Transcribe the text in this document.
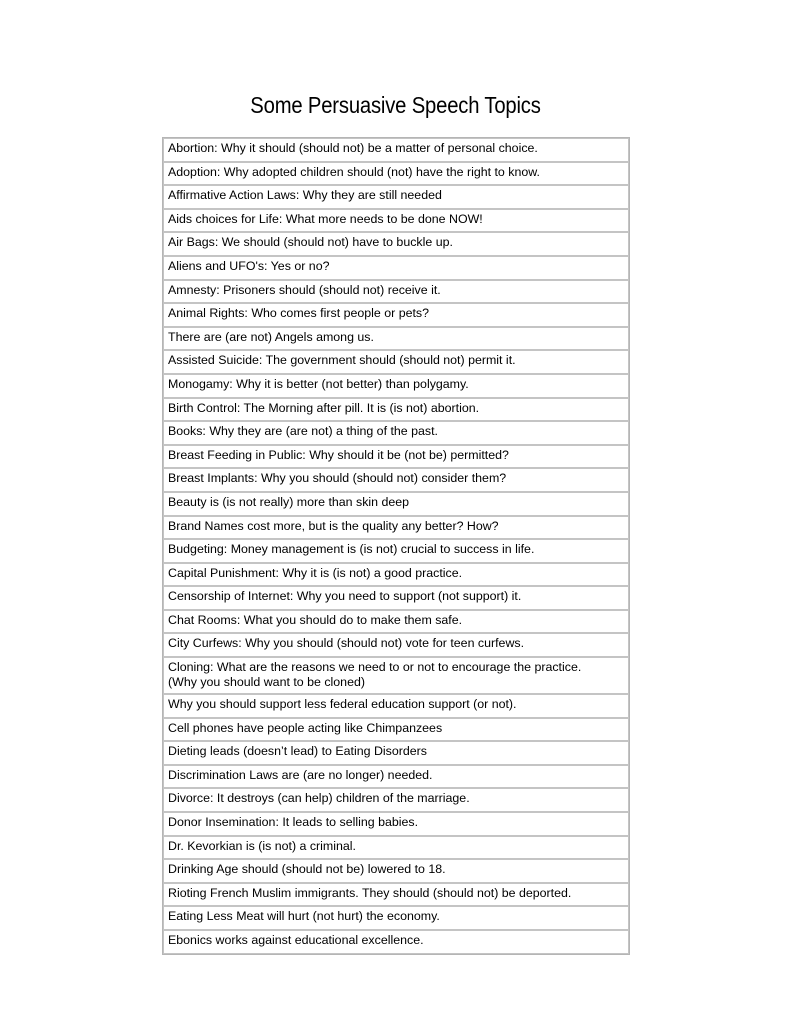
Some Persuasive Speech Topics
Abortion: Why it should (should not) be a matter of personal choice.
Adoption: Why adopted children should (not) have the right to know.
Affirmative Action Laws: Why they are still needed
Aids choices for Life: What more needs to be done NOW!
Air Bags: We should (should not) have to buckle up.
Aliens and UFO's: Yes or no?
Amnesty: Prisoners should (should not) receive it.
Animal Rights: Who comes first people or pets?
There are (are not) Angels among us.
Assisted Suicide: The government should (should not) permit it.
Monogamy: Why it is better (not better) than polygamy.
Birth Control: The Morning after pill. It is (is not) abortion.
Books: Why they are (are not) a thing of the past.
Breast Feeding in Public: Why should it be (not be) permitted?
Breast Implants: Why you should (should not) consider them?
Beauty is (is not really) more than skin deep
Brand Names cost more, but is the quality any better? How?
Budgeting: Money management is (is not) crucial to success in life.
Capital Punishment: Why it is (is not) a good practice.
Censorship of Internet: Why you need to support (not support) it.
Chat Rooms: What you should do to make them safe.
City Curfews: Why you should (should not) vote for teen curfews.
Cloning: What are the reasons we need to or not to encourage the practice.
(Why you should want to be cloned)
Why you should support less federal education support (or not).
Cell phones have people acting like Chimpanzees
Dieting leads (doesn’t lead) to Eating Disorders
Discrimination Laws are (are no longer) needed.
Divorce: It destroys (can help) children of the marriage.
Donor Insemination: It leads to selling babies.
Dr. Kevorkian is (is not) a criminal.
Drinking Age should (should not be) lowered to 18.
Rioting French Muslim immigrants. They should (should not) be deported.
Eating Less Meat will hurt (not hurt) the economy.
Ebonics works against educational excellence.
